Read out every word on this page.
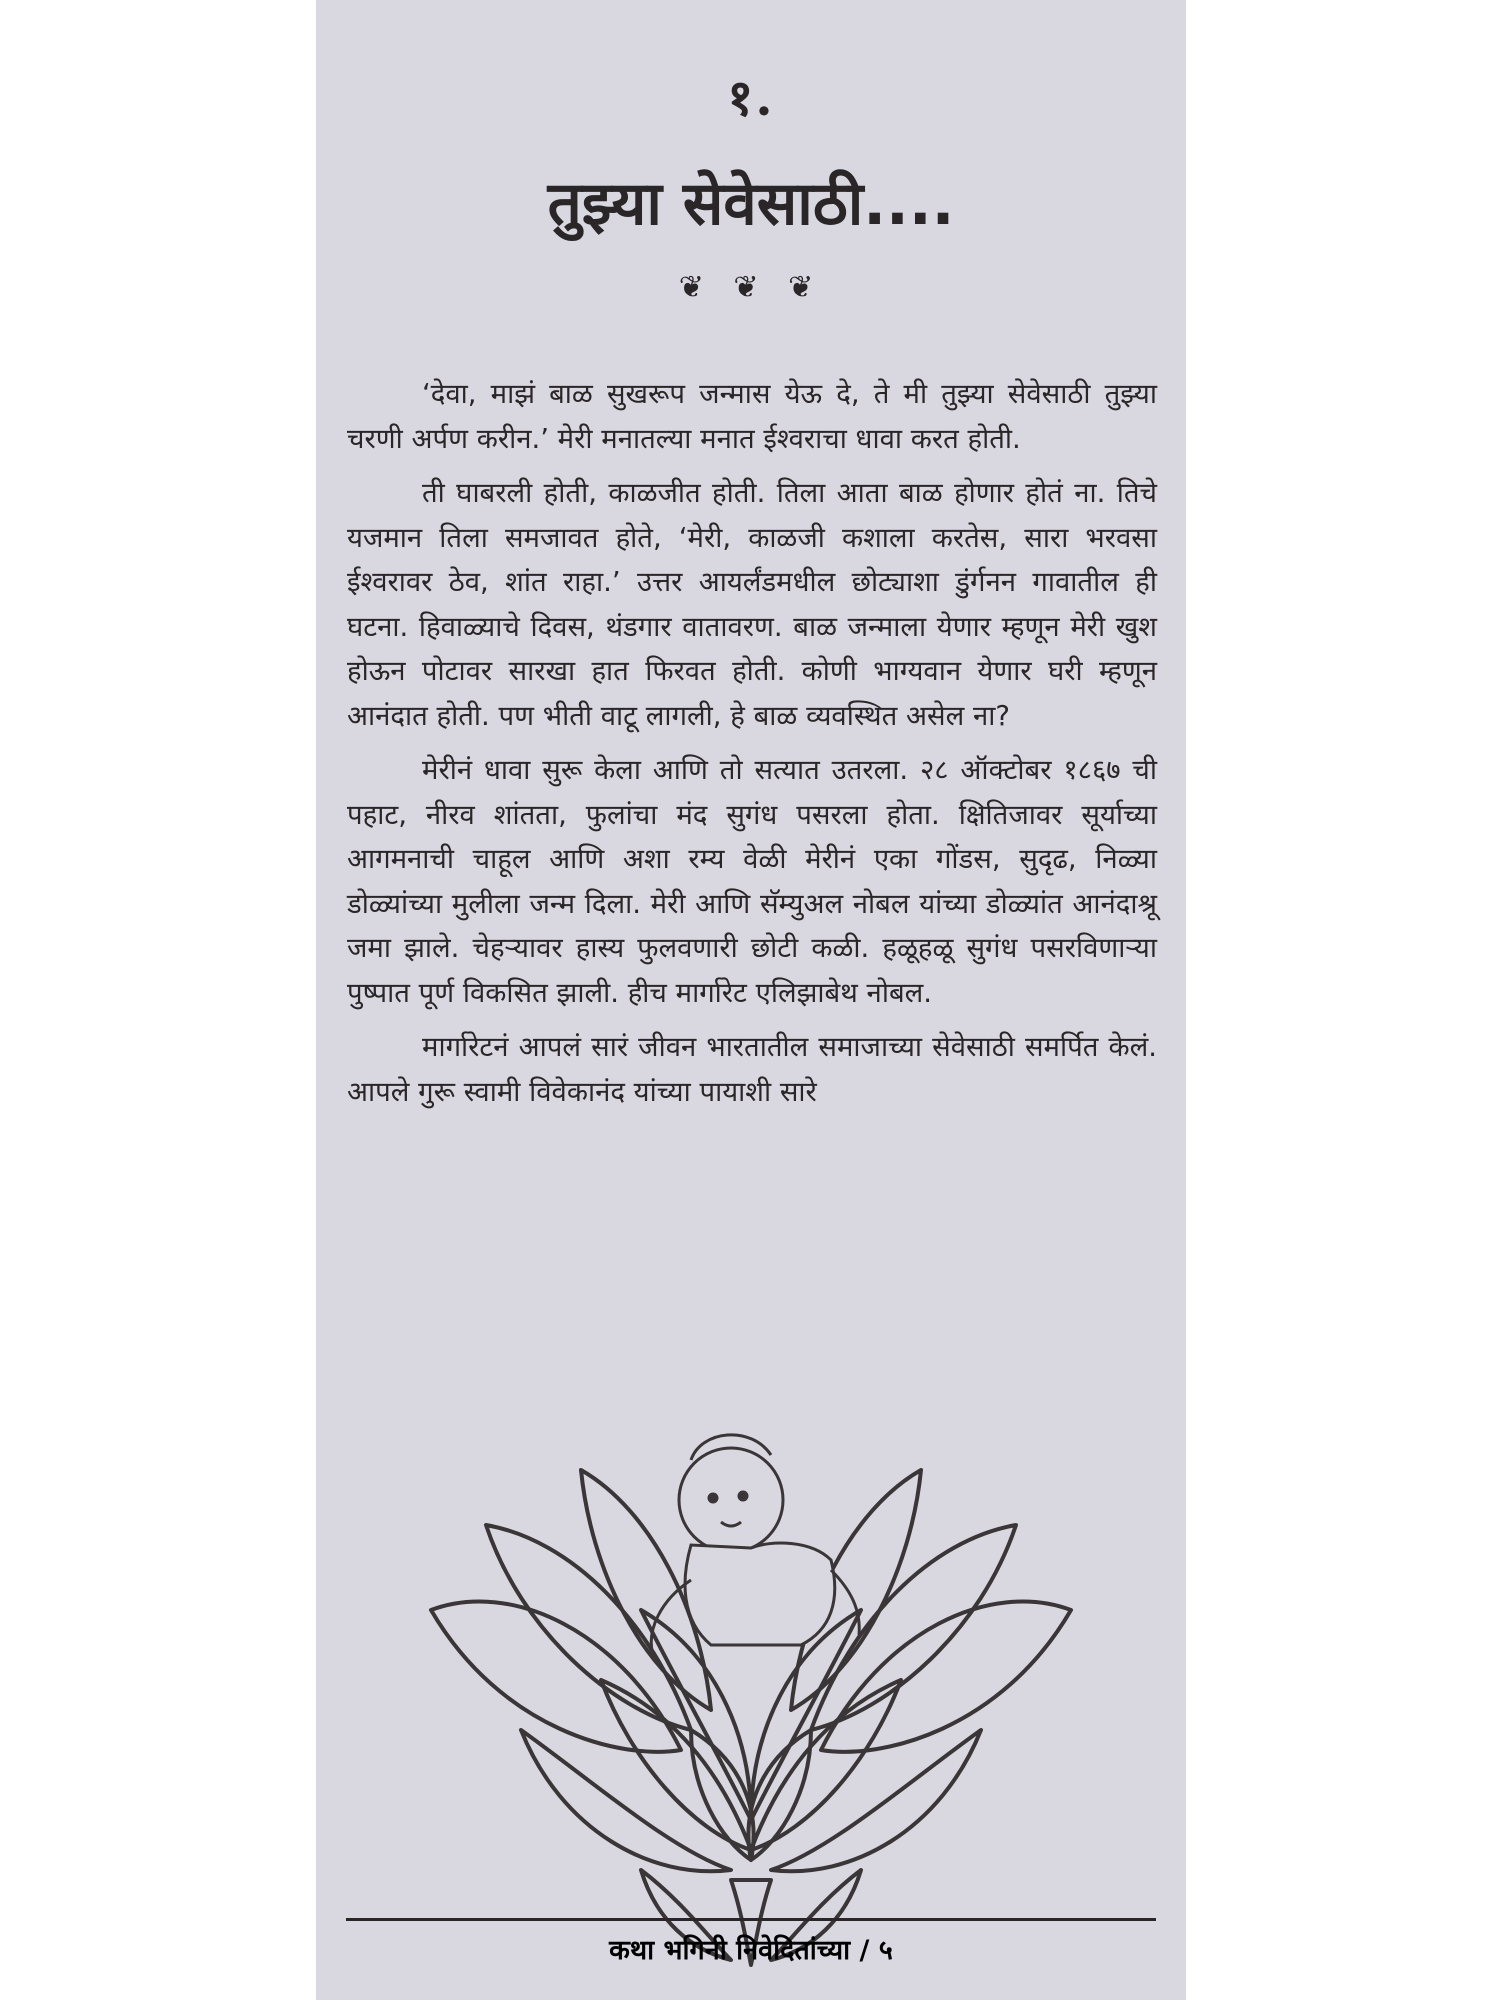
१.
तुझ्या सेवेसाठी....
❦ ❦ ❦

‘देवा, माझं बाळ सुखरूप जन्मास येऊ दे, ते मी तुझ्या सेवेसाठी तुझ्या चरणी अर्पण करीन.’ मेरी मनातल्या मनात ईश्वराचा धावा करत होती.

ती घाबरली होती, काळजीत होती. तिला आता बाळ होणार होतं ना. तिचे यजमान तिला समजावत होते, ‘मेरी, काळजी कशाला करतेस, सारा भरवसा ईश्वरावर ठेव, शांत राहा.’ उत्तर आयर्लंडमधील छोट्याशा डुंर्गनन गावातील ही घटना. हिवाळ्याचे दिवस, थंडगार वातावरण. बाळ जन्माला येणार म्हणून मेरी खुश होऊन पोटावर सारखा हात फिरवत होती. कोणी भाग्यवान येणार घरी म्हणून आनंदात होती. पण भीती वाटू लागली, हे बाळ व्यवस्थित असेल ना?

मेरीनं धावा सुरू केला आणि तो सत्यात उतरला. २८ ऑक्टोबर १८६७ ची पहाट, नीरव शांतता, फुलांचा मंद सुगंध पसरला होता. क्षितिजावर सूर्याच्या आगमनाची चाहूल आणि अशा रम्य वेळी मेरीनं एका गोंडस, सुदृढ, निळ्या डोळ्यांच्या मुलीला जन्म दिला. मेरी आणि सॅम्युअल नोबल यांच्या डोळ्यांत आनंदाश्रू जमा झाले. चेहऱ्यावर हास्य फुलवणारी छोटी कळी. हळूहळू सुगंध पसरविणाऱ्या पुष्पात पूर्ण विकसित झाली. हीच मार्गारेट एलिझाबेथ नोबल.

मार्गारेटनं आपलं सारं जीवन भारतातील समाजाच्या सेवेसाठी समर्पित केलं. आपले गुरू स्वामी विवेकानंद यांच्या पायाशी सारे

कथा भगिनी निवेदितांच्या / ५
